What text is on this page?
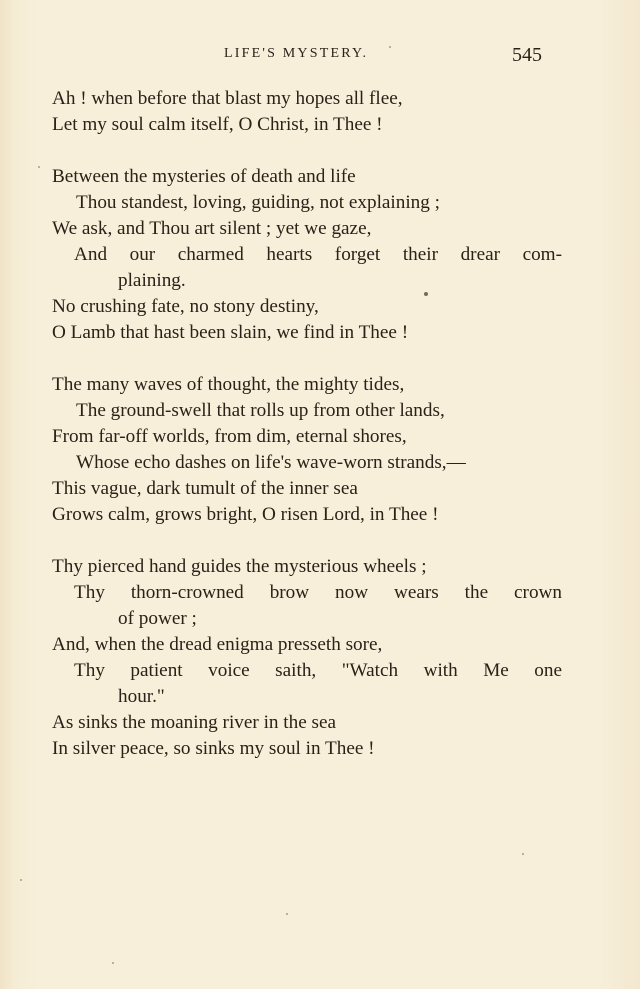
LIFE'S MYSTERY.	545
Ah ! when before that blast my hopes all flee,
Let my soul calm itself, O Christ, in Thee !
Between the mysteries of death and life
Thou standest, loving, guiding, not explaining ;
We ask, and Thou art silent ; yet we gaze,
And our charmed hearts forget their drear com-
plaining.
No crushing fate, no stony destiny,
O Lamb that hast been slain, we find in Thee !
The many waves of thought, the mighty tides,
The ground-swell that rolls up from other lands,
From far-off worlds, from dim, eternal shores,
Whose echo dashes on life's wave-worn strands,—
This vague, dark tumult of the inner sea
Grows calm, grows bright, O risen Lord, in Thee !
Thy pierced hand guides the mysterious wheels ;
Thy thorn-crowned brow now wears the crown
of power ;
And, when the dread enigma presseth sore,
Thy patient voice saith, "Watch with Me one
hour."
As sinks the moaning river in the sea
In silver peace, so sinks my soul in Thee !
